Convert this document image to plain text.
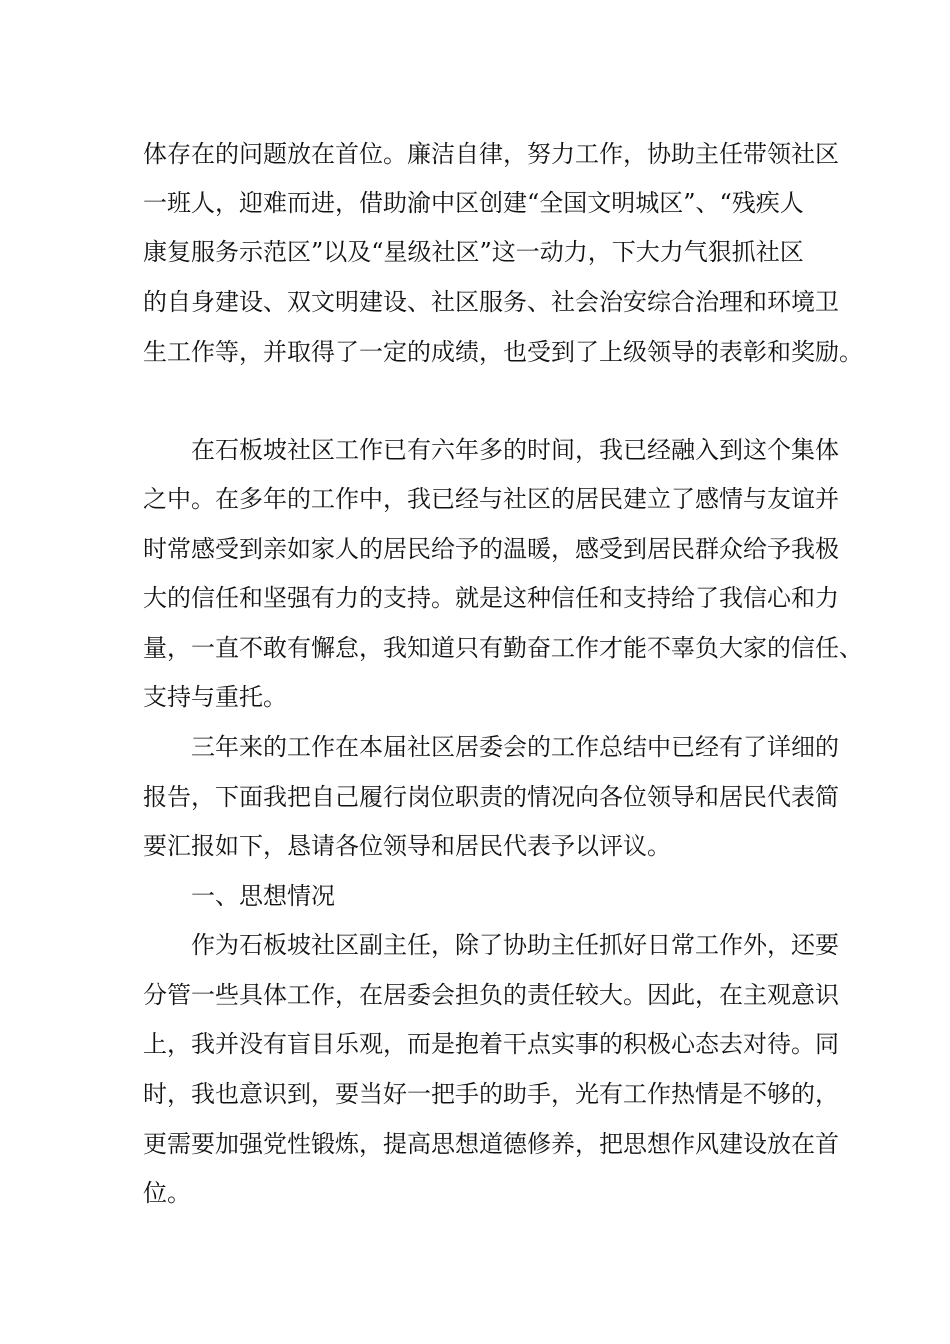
体存在的问题放在首位。廉洁自律，努力工作，协助主任带领社区
一班人，迎难而进，借助渝中区创建“全国文明城区”、“残疾人
康复服务示范区”以及“星级社区”这一动力，下大力气狠抓社区
的自身建设、双文明建设、社区服务、社会治安综合治理和环境卫
生工作等，并取得了一定的成绩，也受到了上级领导的表彰和奖励。
在石板坡社区工作已有六年多的时间，我已经融入到这个集体
之中。在多年的工作中，我已经与社区的居民建立了感情与友谊并
时常感受到亲如家人的居民给予的温暖，感受到居民群众给予我极
大的信任和坚强有力的支持。就是这种信任和支持给了我信心和力
量，一直不敢有懈怠，我知道只有勤奋工作才能不辜负大家的信任、
支持与重托。
三年来的工作在本届社区居委会的工作总结中已经有了详细的
报告，下面我把自己履行岗位职责的情况向各位领导和居民代表简
要汇报如下，恳请各位领导和居民代表予以评议。
一、思想情况
作为石板坡社区副主任，除了协助主任抓好日常工作外，还要
分管一些具体工作，在居委会担负的责任较大。因此，在主观意识
上，我并没有盲目乐观，而是抱着干点实事的积极心态去对待。同
时，我也意识到，要当好一把手的助手，光有工作热情是不够的，
更需要加强党性锻炼，提高思想道德修养，把思想作风建设放在首
位。
